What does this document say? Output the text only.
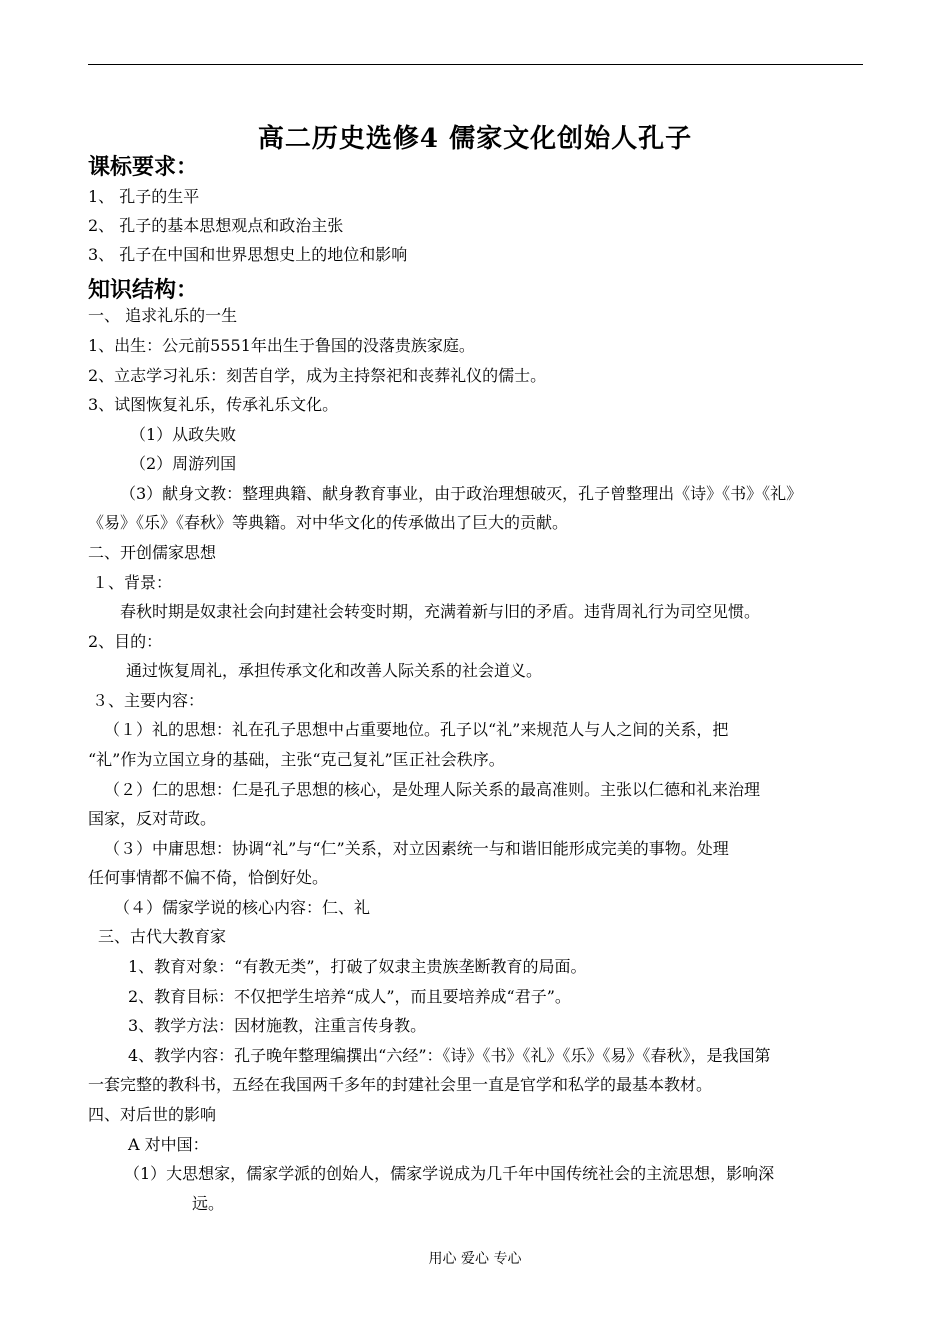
高二历史选修4 儒家文化创始人孔子
课标要求：
1、 孔子的生平
2、 孔子的基本思想观点和政治主张
3、 孔子在中国和世界思想史上的地位和影响
知识结构：
一、 追求礼乐的一生
1、出生：公元前5551年出生于鲁国的没落贵族家庭。
2、立志学习礼乐：刻苦自学，成为主持祭祀和丧葬礼仪的儒士。
3、试图恢复礼乐，传承礼乐文化。
（1）从政失败
（2）周游列国
（3）献身文教：整理典籍、献身教育事业，由于政治理想破灭，孔子曾整理出《诗》《书》《礼》
《易》《乐》《春秋》等典籍。对中华文化的传承做出了巨大的贡献。
二、开创儒家思想
１、背景：
春秋时期是奴隶社会向封建社会转变时期，充满着新与旧的矛盾。违背周礼行为司空见惯。
2、目的：
通过恢复周礼，承担传承文化和改善人际关系的社会道义。
３、主要内容：
（１）礼的思想：礼在孔子思想中占重要地位。孔子以“礼”来规范人与人之间的关系，把
“礼”作为立国立身的基础，主张“克己复礼”匡正社会秩序。
（２）仁的思想：仁是孔子思想的核心，是处理人际关系的最高准则。主张以仁德和礼来治理
国家，反对苛政。
（３）中庸思想：协调“礼”与“仁”关系，对立因素统一与和谐旧能形成完美的事物。处理
任何事情都不偏不倚，恰倒好处。
（４）儒家学说的核心内容：仁、礼
三、古代大教育家
1、教育对象：“有教无类”，打破了奴隶主贵族垄断教育的局面。
2、教育目标：不仅把学生培养“成人”，而且要培养成“君子”。
3、教学方法：因材施教，注重言传身教。
4、教学内容：孔子晚年整理编撰出“六经”：《诗》《书》《礼》《乐》《易》《春秋》，是我国第
一套完整的教科书，五经在我国两千多年的封建社会里一直是官学和私学的最基本教材。
四、对后世的影响
A 对中国：
（1）大思想家，儒家学派的创始人，儒家学说成为几千年中国传统社会的主流思想，影响深
远。
用心 爱心 专心
